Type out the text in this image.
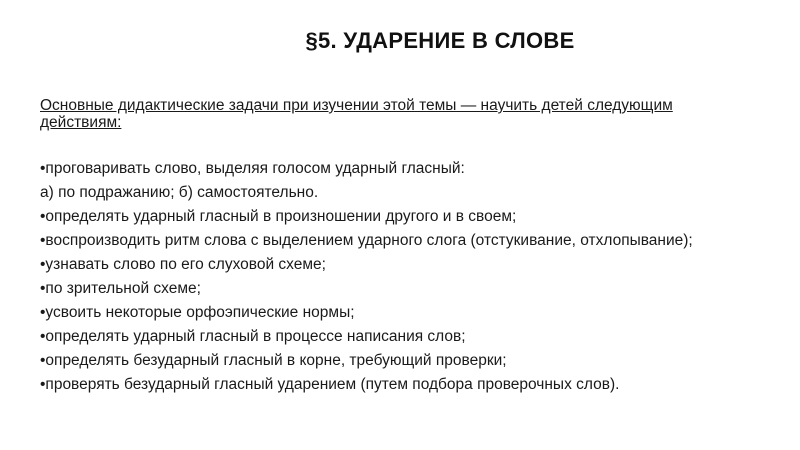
§5. УДАРЕНИЕ В СЛОВЕ
Основные дидактические задачи при изучении этой темы — научить детей следующим действиям:
•проговаривать слово, выделяя голосом ударный гласный:
а) по подражанию; б) самостоятельно.
•определять ударный гласный в произношении другого и в своем;
•воспроизводить ритм слова с выделением ударного слога (отстукивание, отхлопывание);
•узнавать слово по его слуховой схеме;
•по зрительной схеме;
•усвоить некоторые орфоэпические нормы;
•определять ударный гласный в процессе написания слов;
•определять безударный гласный в корне, требующий проверки;
•проверять безударный гласный ударением (путем подбора проверочных слов).
